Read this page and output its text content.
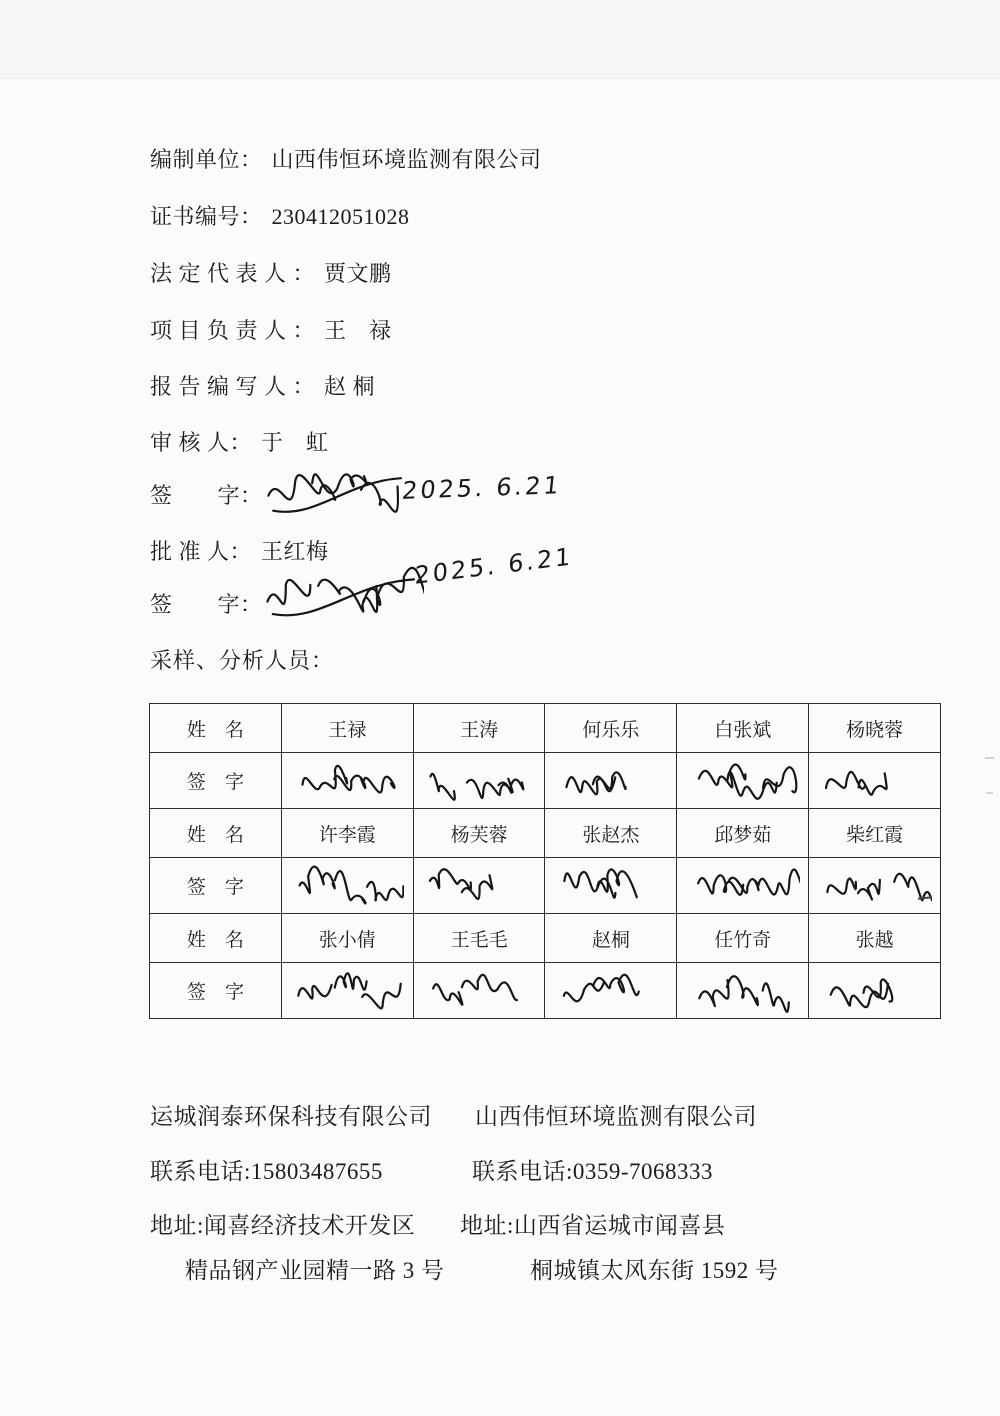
编制单位： 山西伟恒环境监测有限公司
证书编号： 230412051028
法 定 代 表 人 ： 贾文鹏
项 目 负 责 人 ： 王　禄
报 告 编 写 人 ： 赵 桐
审 核 人： 于　虹
签　　字：	2025. 6.21
批 准 人： 王红梅
签　　字：
2025. 6.21
采样、分析人员：
姓　名	王禄	王涛	何乐乐	白张斌	杨晓蓉
签　字	

姓　名	许李霞	杨芙蓉	张赵杰	邱梦茹	柴红霞
签　字	

姓　名	张小倩	王毛毛	赵桐	任竹奇	张越
签　字	

运城润泰环保科技有限公司 山西伟恒环境监测有限公司
联系电话:15803487655	联系电话:0359-7068333
地址:闻喜经济技术开发区 地址:山西省运城市闻喜县
精品钢产业园精一路 3 号	桐城镇太风东街 1592 号
